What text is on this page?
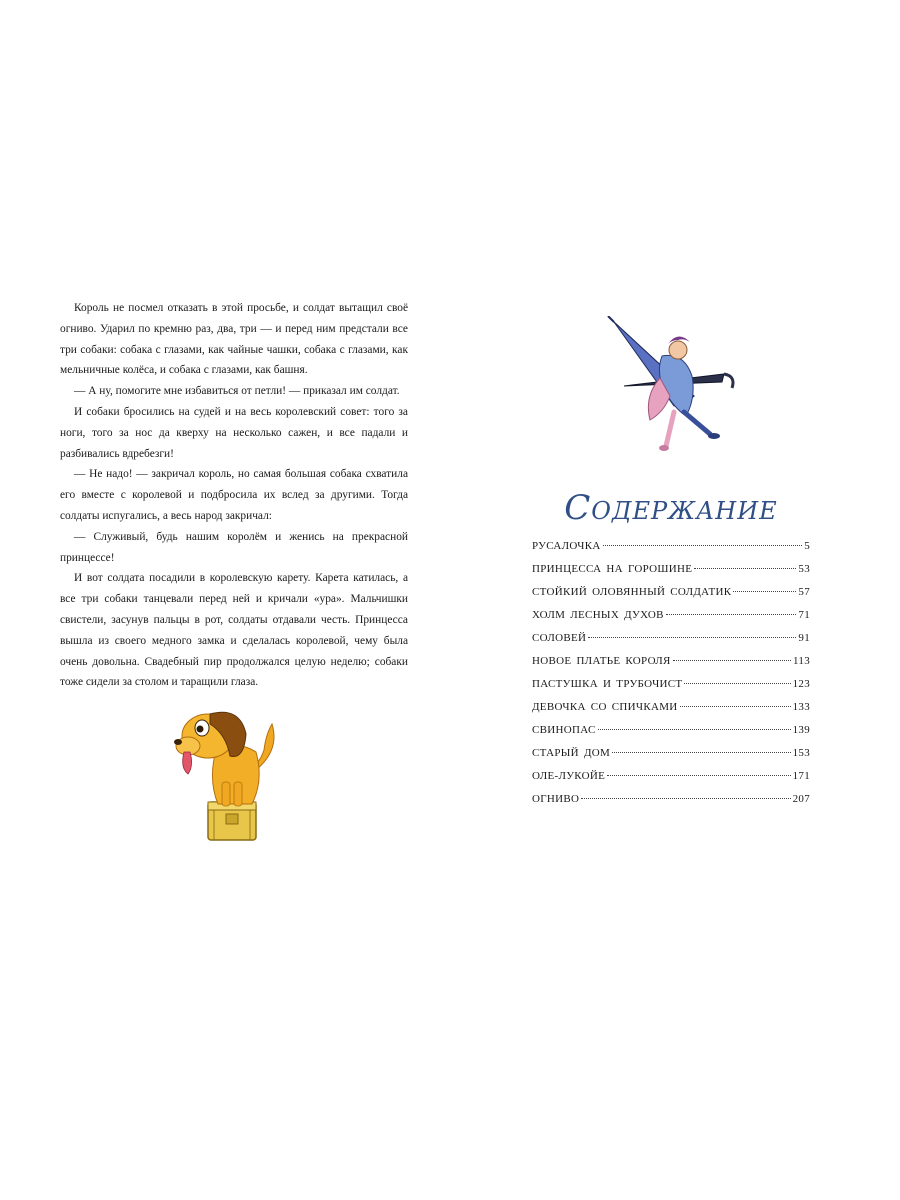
Король не посмел отказать в этой просьбе, и солдат вытащил своё огниво. Ударил по кремню раз, два, три — и перед ним предстали все три собаки: собака с глазами, как чайные чашки, собака с глазами, как мельничные колёса, и собака с глазами, как башня.

— А ну, помогите мне избавиться от петли! — приказал им солдат.

И собаки бросились на судей и на весь королевский совет: того за ноги, того за нос да кверху на несколько сажен, и все падали и разбивались вдребезги!

— Не надо! — закричал король, но самая большая собака схватила его вместе с королевой и подбросила их вслед за другими. Тогда солдаты испугались, а весь народ закричал:

— Служивый, будь нашим королём и женись на прекрасной принцессе!

И вот солдата посадили в королевскую карету. Карета катилась, а все три собаки танцевали перед ней и кричали «ура». Мальчишки свистели, засунув пальцы в рот, солдаты отдавали честь. Принцесса вышла из своего медного замка и сделалась королевой, чему была очень довольна. Свадебный пир продолжался целую неделю; собаки тоже сидели за столом и таращили глаза.

Содержание
РУСАЛОЧКА	5
ПРИНЦЕССА НА ГОРОШИНЕ	53
СТОЙКИЙ ОЛОВЯННЫЙ СОЛДАТИК	57
ХОЛМ ЛЕСНЫХ ДУХОВ	71
СОЛОВЕЙ	91
НОВОЕ ПЛАТЬЕ КОРОЛЯ	113
ПАСТУШКА И ТРУБОЧИСТ	123
ДЕВОЧКА СО СПИЧКАМИ	133
СВИНОПАС	139
СТАРЫЙ ДОМ	153
ОЛЕ-ЛУКОЙЕ	171
ОГНИВО	207
